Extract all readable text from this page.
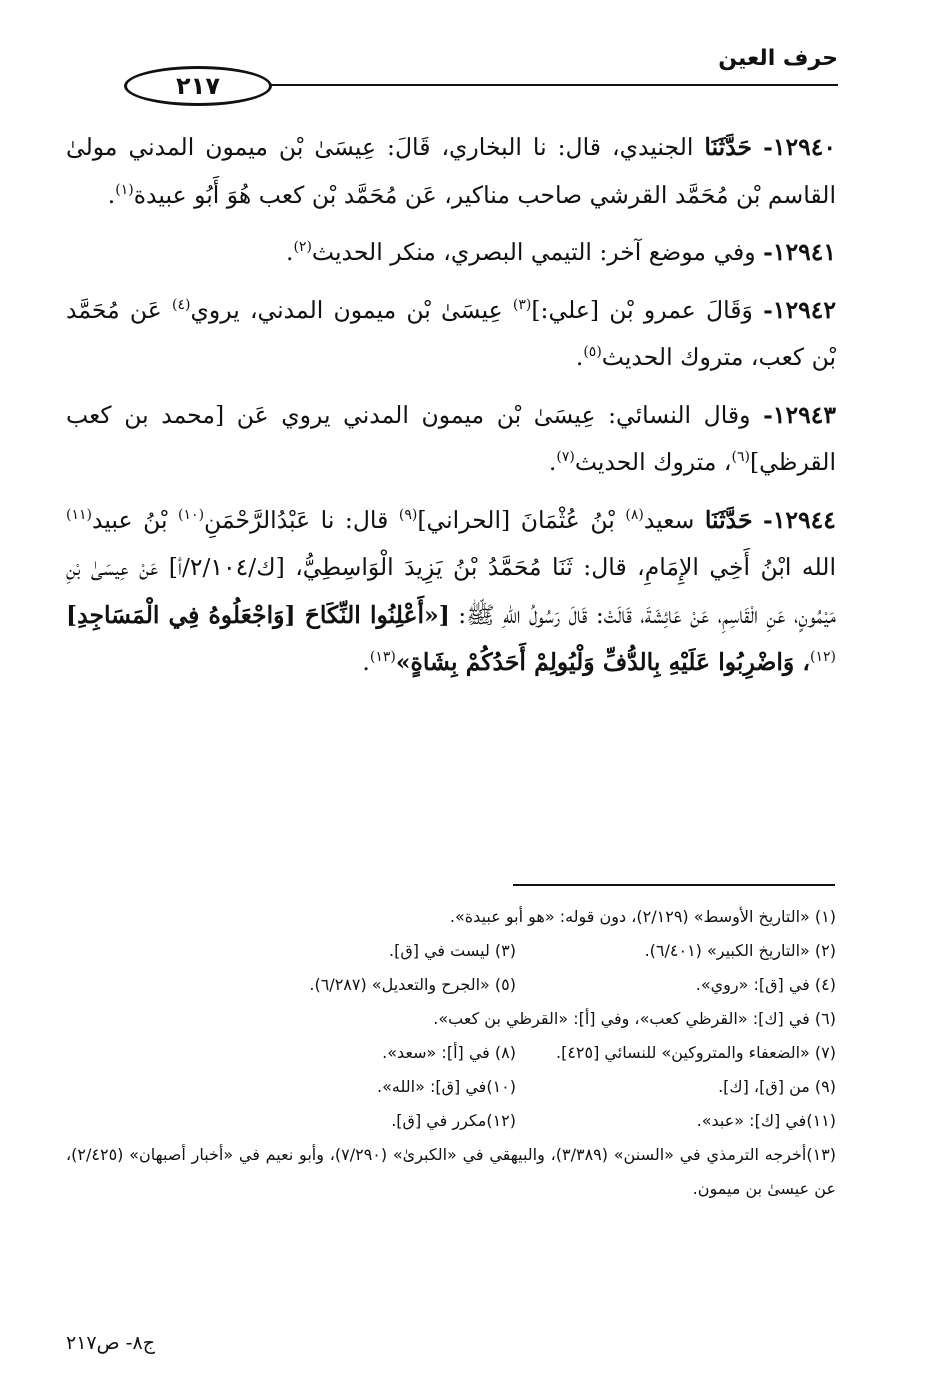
حرف العين
٢١٧

١٢٩٤٠- حَدَّثَنَا الجنيدي، قال: نا البخاري، قَالَ: عِيسَىٰ بْن ميمون المدني مولىٰ القاسم بْن مُحَمَّد القرشي صاحب مناكير، عَن مُحَمَّد بْن كعب هُوَ أَبُو عبيدة$^{(١)}$.

١٢٩٤١- وفي موضع آخر: التيمي البصري، منكر الحديث$^{(٢)}$.

١٢٩٤٢- وَقَالَ عمرو بْن [علي:]$^{(٣)}$ عِيسَىٰ بْن ميمون المدني، يروي$^{(٤)}$ عَن مُحَمَّد بْن كعب، متروك الحديث$^{(٥)}$.

١٢٩٤٣- وقال النسائي: عِيسَىٰ بْن ميمون المدني يروي عَن [محمد بن كعب القرظي]$^{(٦)}$، متروك الحديث$^{(٧)}$.

١٢٩٤٤- حَدَّثَنَا سعيد$^{(٨)}$ بْنُ عُثْمَانَ [الحراني]$^{(٩)}$ قال: نا عَبْدُالرَّحْمَنِ$^{(١٠)}$ بْنُ عبيد$^{(١١)}$ الله ابْنُ أَخِي الإِمَامِ، قال: ثَنَا مُحَمَّدُ بْنُ يَزِيدَ الْوَاسِطِيُّ، [ك/٢/١٠٤/أ] عَنْ عِيسَىٰ بْنِ مَيْمُونٍ، عَنِ الْقَاسِمِ، عَنْ عَائِشَةَ، قَالَتْ: قَالَ رَسُولُ اللهِ ﷺ: [«أَعْلِنُوا النِّكَاحَ [وَاجْعَلُوهُ فِي الْمَسَاجِدِ]$^{(١٢)}$، وَاضْرِبُوا عَلَيْهِ بِالدُّفِّ وَلْيُولِمْ أَحَدُكُمْ بِشَاةٍ»$^{(١٣)}$.

(١) «التاريخ الأوسط» (٢/١٢٩)، دون قوله: «هو أبو عبيدة».
(٢) «التاريخ الكبير» (٦/٤٠١).
(٣) ليست في [ق].
(٤) في [ق]: «روي».
(٥) «الجرح والتعديل» (٦/٢٨٧).
(٦) في [ك]: «القرظي كعب»، وفي [أ]: «القرظي بن كعب».
(٧) «الضعفاء والمتروكين» للنسائي [٤٢٥].
(٨) في [أ]: «سعد».
(٩) من [ق]، [ك].
(١٠)في [ق]: «الله».
(١١)في [ك]: «عبد».
(١٢)مكرر في [ق].
(١٣)أخرجه الترمذي في «السنن» (٣/٣٨٩)، والبيهقي في «الكبرىٰ» (٧/٢٩٠)، وأبو نعيم في «أخبار أصبهان» (٢/٤٢٥)، عن عيسىٰ بن ميمون.
ج٨- ص٢١٧
